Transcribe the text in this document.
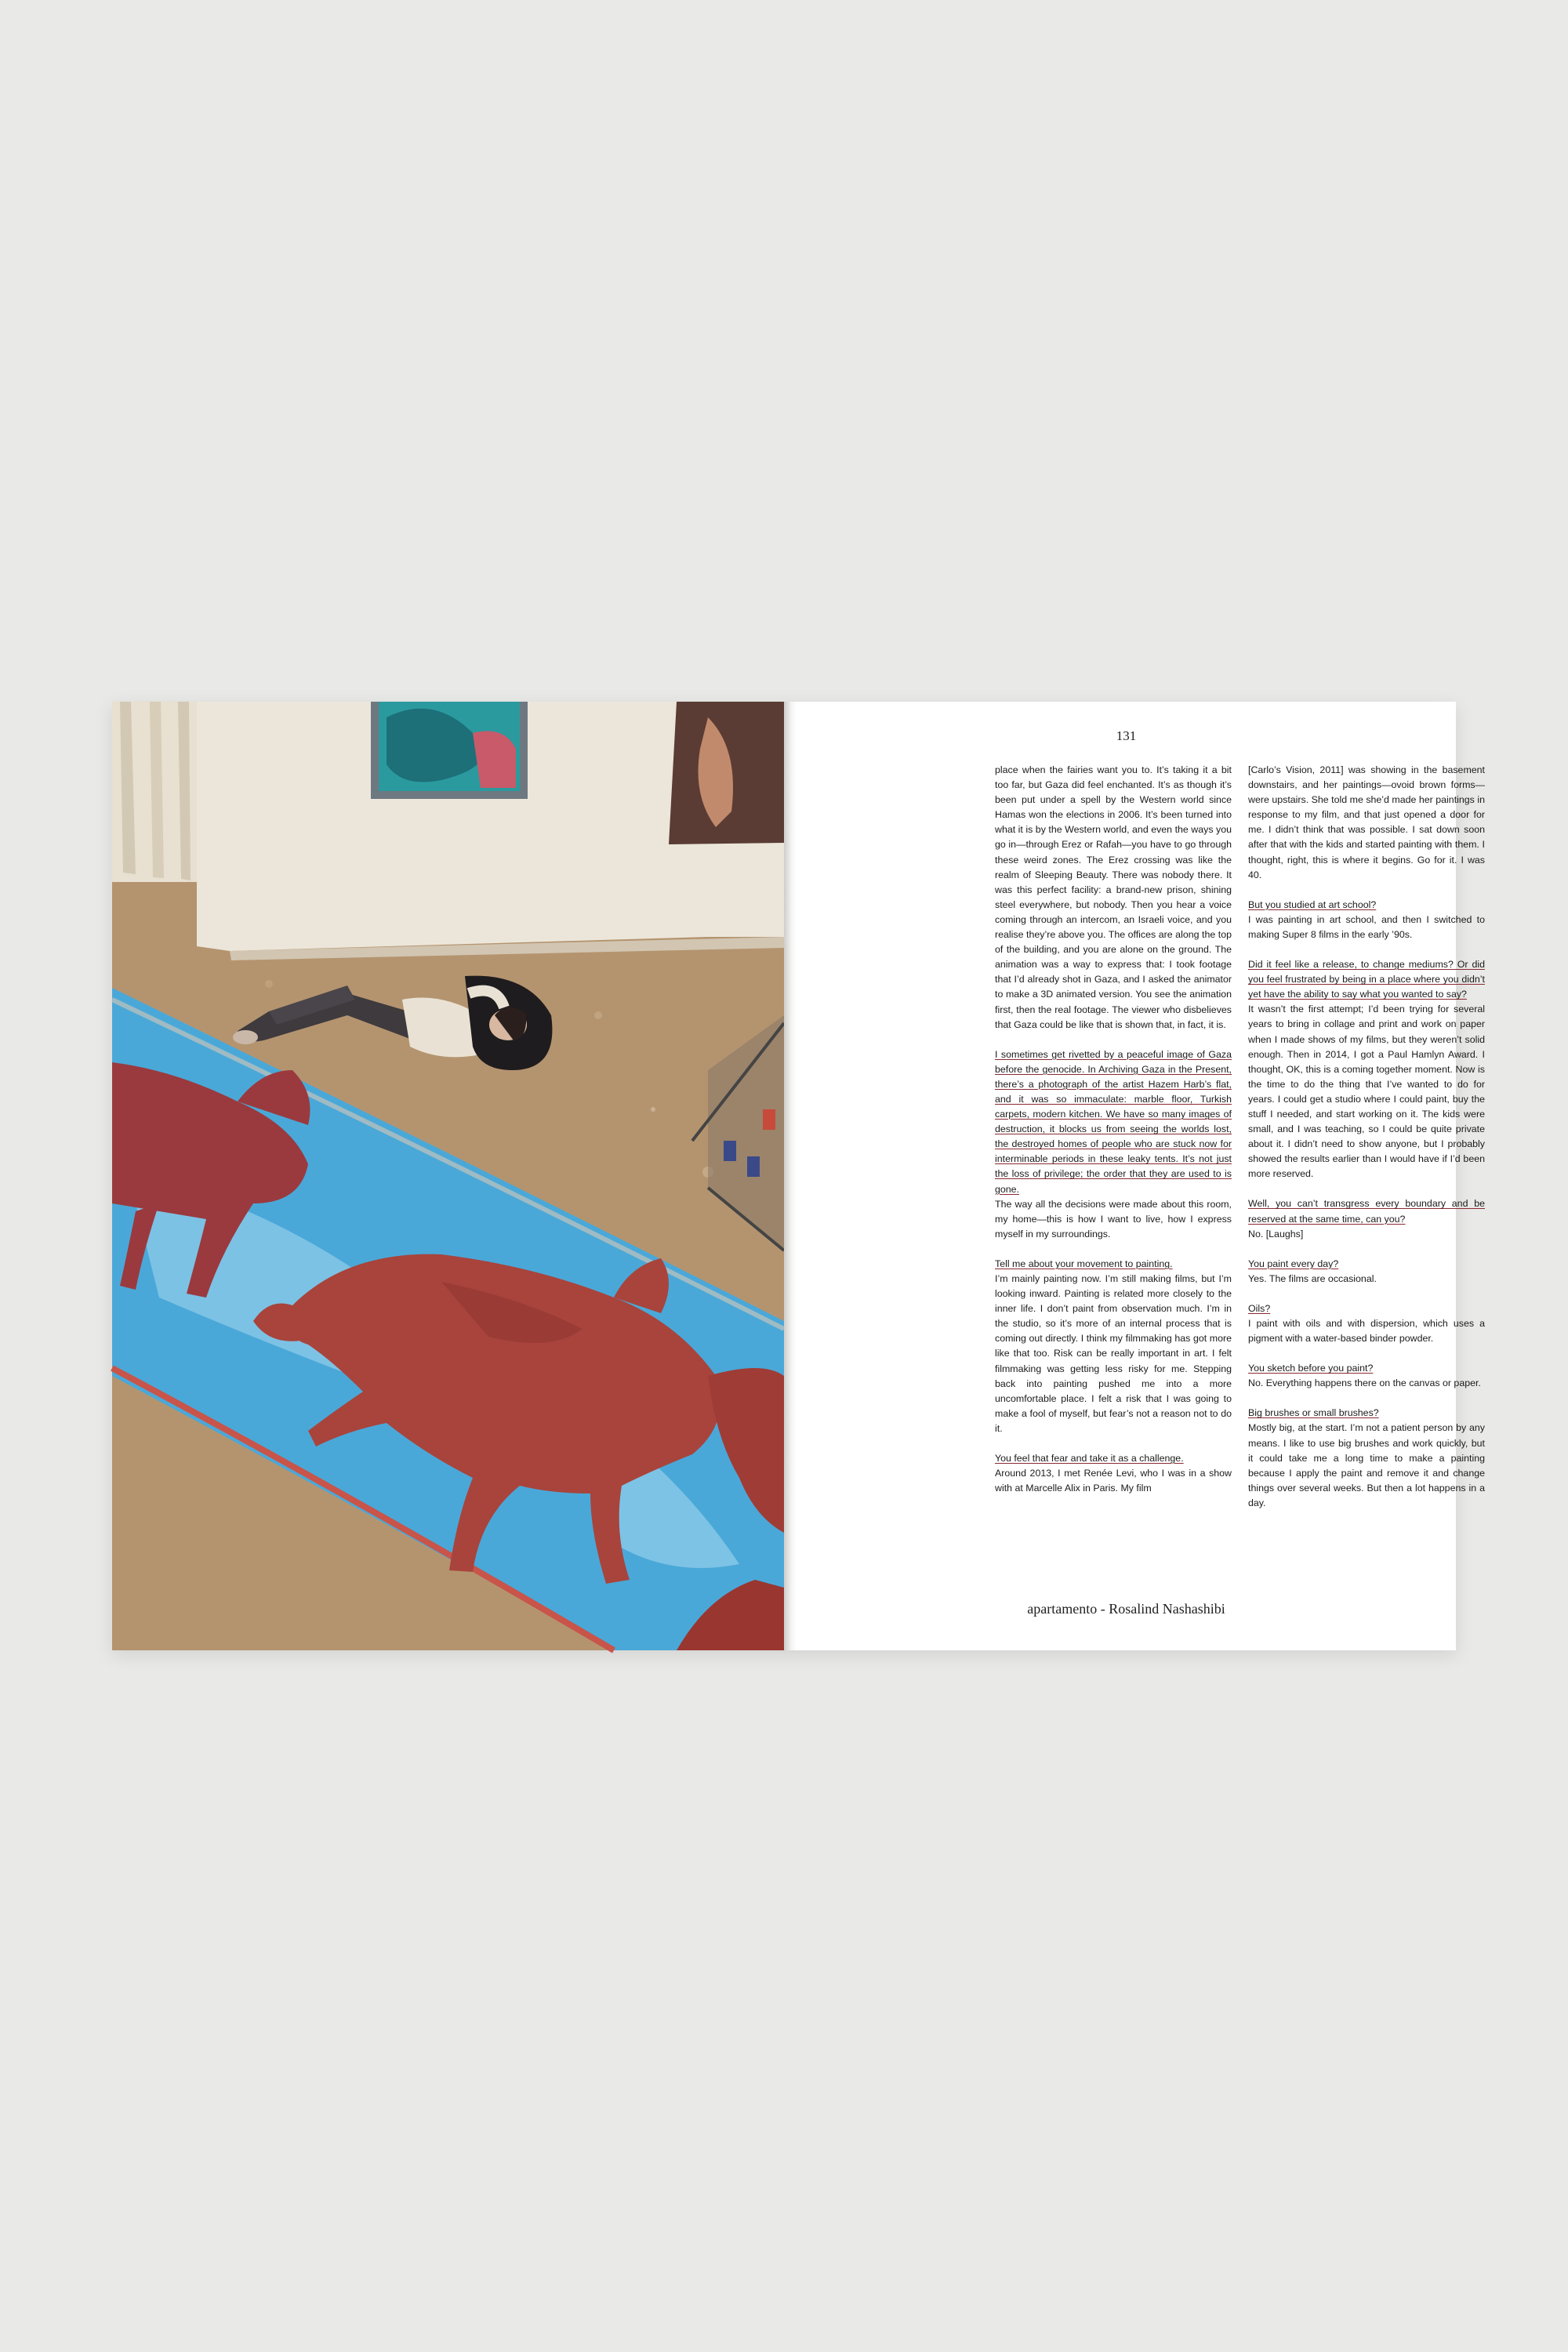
131

place when the fairies want you to. It’s taking it a bit too far, but Gaza did feel enchanted. It’s as though it’s been put under a spell by the Western world since Hamas won the elections in 2006. It’s been turned into what it is by the Western world, and even the ways you go in—through Erez or Rafah—you have to go through these weird zones. The Erez crossing was like the realm of Sleeping Beauty. There was nobody there. It was this perfect facility: a brand-new prison, shining steel everywhere, but nobody. Then you hear a voice coming through an intercom, an Israeli voice, and you realise they’re above you. The offices are along the top of the building, and you are alone on the ground. The animation was a way to express that: I took footage that I’d already shot in Gaza, and I asked the animator to make a 3D animated version. You see the animation first, then the real footage. The viewer who disbelieves that Gaza could be like that is shown that, in fact, it is.

I sometimes get rivetted by a peaceful image of Gaza before the genocide. In Archiving Gaza in the Present, there’s a photograph of the artist Hazem Harb’s flat, and it was so immaculate: marble floor, Turkish carpets, modern kitchen. We have so many images of destruction, it blocks us from seeing the worlds lost, the destroyed homes of people who are stuck now for interminable periods in these leaky tents. It’s not just the loss of privilege; the order that they are used to is gone.
The way all the decisions were made about this room, my home—this is how I want to live, how I express myself in my surroundings.

Tell me about your movement to painting.
I’m mainly painting now. I’m still making films, but I’m looking inward. Painting is related more closely to the inner life. I don’t paint from observation much. I’m in the studio, so it’s more of an internal process that is coming out directly. I think my filmmaking has got more like that too. Risk can be really important in art. I felt filmmaking was getting less risky for me. Stepping back into painting pushed me into a more uncomfortable place. I felt a risk that I was going to make a fool of myself, but fear’s not a reason not to do it.

You feel that fear and take it as a challenge.
Around 2013, I met Renée Levi, who I was in a show with at Marcelle Alix in Paris. My film

[Carlo’s Vision, 2011] was showing in the basement downstairs, and her paintings—ovoid brown forms—were upstairs. She told me she’d made her paintings in response to my film, and that just opened a door for me. I didn’t think that was possible. I sat down soon after that with the kids and started painting with them. I thought, right, this is where it begins. Go for it. I was 40.

But you studied at art school?
I was painting in art school, and then I switched to making Super 8 films in the early ’90s.

Did it feel like a release, to change mediums? Or did you feel frustrated by being in a place where you didn’t yet have the ability to say what you wanted to say?
It wasn’t the first attempt; I’d been trying for several years to bring in collage and print and work on paper when I made shows of my films, but they weren’t solid enough. Then in 2014, I got a Paul Hamlyn Award. I thought, OK, this is a coming together moment. Now is the time to do the thing that I’ve wanted to do for years. I could get a studio where I could paint, buy the stuff I needed, and start working on it. The kids were small, and I was teaching, so I could be quite private about it. I didn’t need to show anyone, but I probably showed the results earlier than I would have if I’d been more reserved.

Well, you can’t transgress every boundary and be reserved at the same time, can you?
No. [Laughs]

You paint every day?
Yes. The films are occasional.

Oils?
I paint with oils and with dispersion, which uses a pigment with a water-based binder powder.

You sketch before you paint?
No. Everything happens there on the canvas or paper.

Big brushes or small brushes?
Mostly big, at the start. I’m not a patient person by any means. I like to use big brushes and work quickly, but it could take me a long time to make a painting because I apply the paint and remove it and change things over several weeks. But then a lot happens in a day.

apartamento - Rosalind Nashashibi
